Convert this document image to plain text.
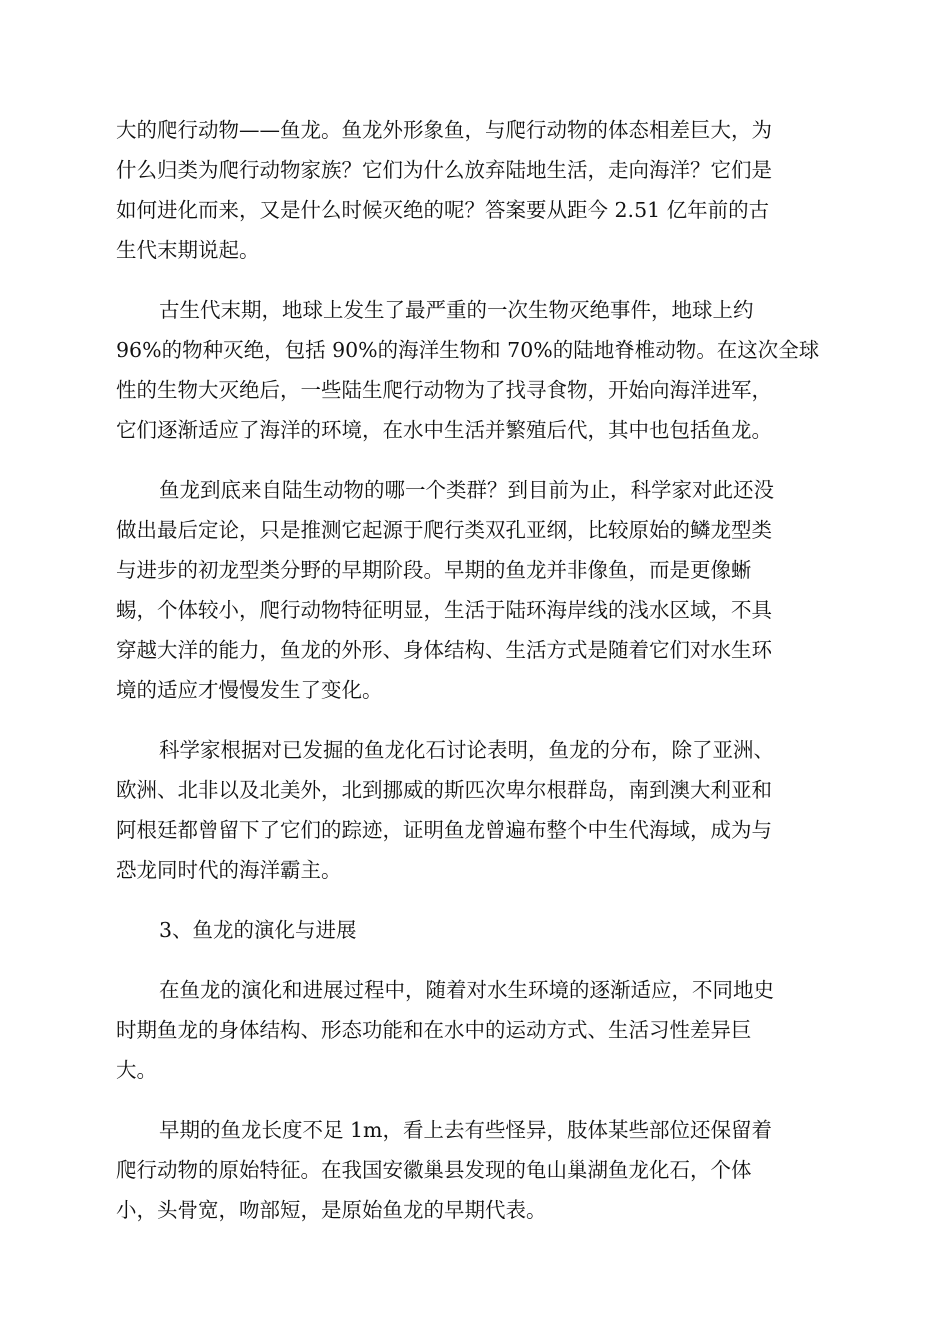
大的爬行动物——鱼龙。鱼龙外形象鱼，与爬行动物的体态相差巨大，为
什么归类为爬行动物家族？它们为什么放弃陆地生活，走向海洋？它们是
如何进化而来，又是什么时候灭绝的呢？答案要从距今 2.51 亿年前的古
生代末期说起。

古生代末期，地球上发生了最严重的一次生物灭绝事件，地球上约
96%的物种灭绝，包括 90%的海洋生物和 70%的陆地脊椎动物。在这次全球
性的生物大灭绝后，一些陆生爬行动物为了找寻食物，开始向海洋进军，
它们逐渐适应了海洋的环境，在水中生活并繁殖后代，其中也包括鱼龙。

鱼龙到底来自陆生动物的哪一个类群？到目前为止，科学家对此还没
做出最后定论，只是推测它起源于爬行类双孔亚纲，比较原始的鳞龙型类
与进步的初龙型类分野的早期阶段。早期的鱼龙并非像鱼，而是更像蜥
蜴，个体较小，爬行动物特征明显，生活于陆环海岸线的浅水区域，不具
穿越大洋的能力，鱼龙的外形、身体结构、生活方式是随着它们对水生环
境的适应才慢慢发生了变化。

科学家根据对已发掘的鱼龙化石讨论表明，鱼龙的分布，除了亚洲、
欧洲、北非以及北美外，北到挪威的斯匹次卑尔根群岛，南到澳大利亚和
阿根廷都曾留下了它们的踪迹，证明鱼龙曾遍布整个中生代海域，成为与
恐龙同时代的海洋霸主。

3、鱼龙的演化与进展

在鱼龙的演化和进展过程中，随着对水生环境的逐渐适应，不同地史
时期鱼龙的身体结构、形态功能和在水中的运动方式、生活习性差异巨
大。

早期的鱼龙长度不足 1m，看上去有些怪异，肢体某些部位还保留着
爬行动物的原始特征。在我国安徽巢县发现的龟山巢湖鱼龙化石，个体
小，头骨宽，吻部短，是原始鱼龙的早期代表。
